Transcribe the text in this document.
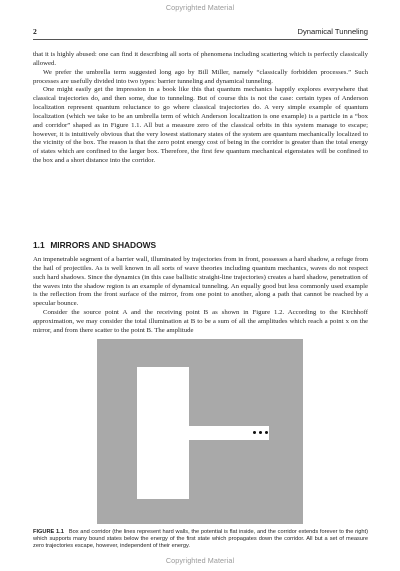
Copyrighted Material
2	Dynamical Tunneling

that it is highly abused: one can find it describing all sorts of phenomena including scattering which is perfectly classically allowed.

We prefer the umbrella term suggested long ago by Bill Miller, namely “classically forbidden processes.” Such processes are usefully divided into two types: barrier tunneling and dynamical tunneling.

One might easily get the impression in a book like this that quantum mechanics happily explores everywhere that classical trajectories do, and then some, due to tunneling. But of course this is not the case: certain types of Anderson localization represent quantum reluctance to go where classical trajectories do. A very simple example of quantum localization (which we take to be an umbrella term of which Anderson localization is one example) is a particle in a “box and corridor” shaped as in Figure 1.1. All but a measure zero of the classical orbits in this system manage to escape; however, it is intuitively obvious that the very lowest stationary states of the system are quantum mechanically localized to the vicinity of the box. The reason is that the zero point energy cost of being in the corridor is greater than the total energy of states which are confined to the larger box. Therefore, the first few quantum mechanical eigenstates will be confined to the box and a short distance into the corridor.

1.1 MIRRORS AND SHADOWS

An impenetrable segment of a barrier wall, illuminated by trajectories from in front, possesses a hard shadow, a refuge from the hail of projectiles. As is well known in all sorts of wave theories including quantum mechanics, waves do not respect such hard shadows. Since the dynamics (in this case ballistic straight-line trajectories) creates a hard shadow, penetration of the waves into the shadow region is an example of dynamical tunneling. An equally good but less commonly used example is the reflection from the front surface of the mirror, from one point to another, along a path that cannot be reached by a specular bounce.

Consider the source point A and the receiving point B as shown in Figure 1.2. According to the Kirchhoff approximation, we may consider the total illumination at B to be a sum of all the amplitudes which reach a point x on the mirror, and from there scatter to the point B. The amplitude

FIGURE 1.1 Box and corridor (the lines represent hard walls, the potential is flat inside, and the corridor extends forever to the right) which supports many bound states below the energy of the first state which propagates down the corridor. All but a set of measure zero trajectories escape, however, independent of their energy.
Copyrighted Material
